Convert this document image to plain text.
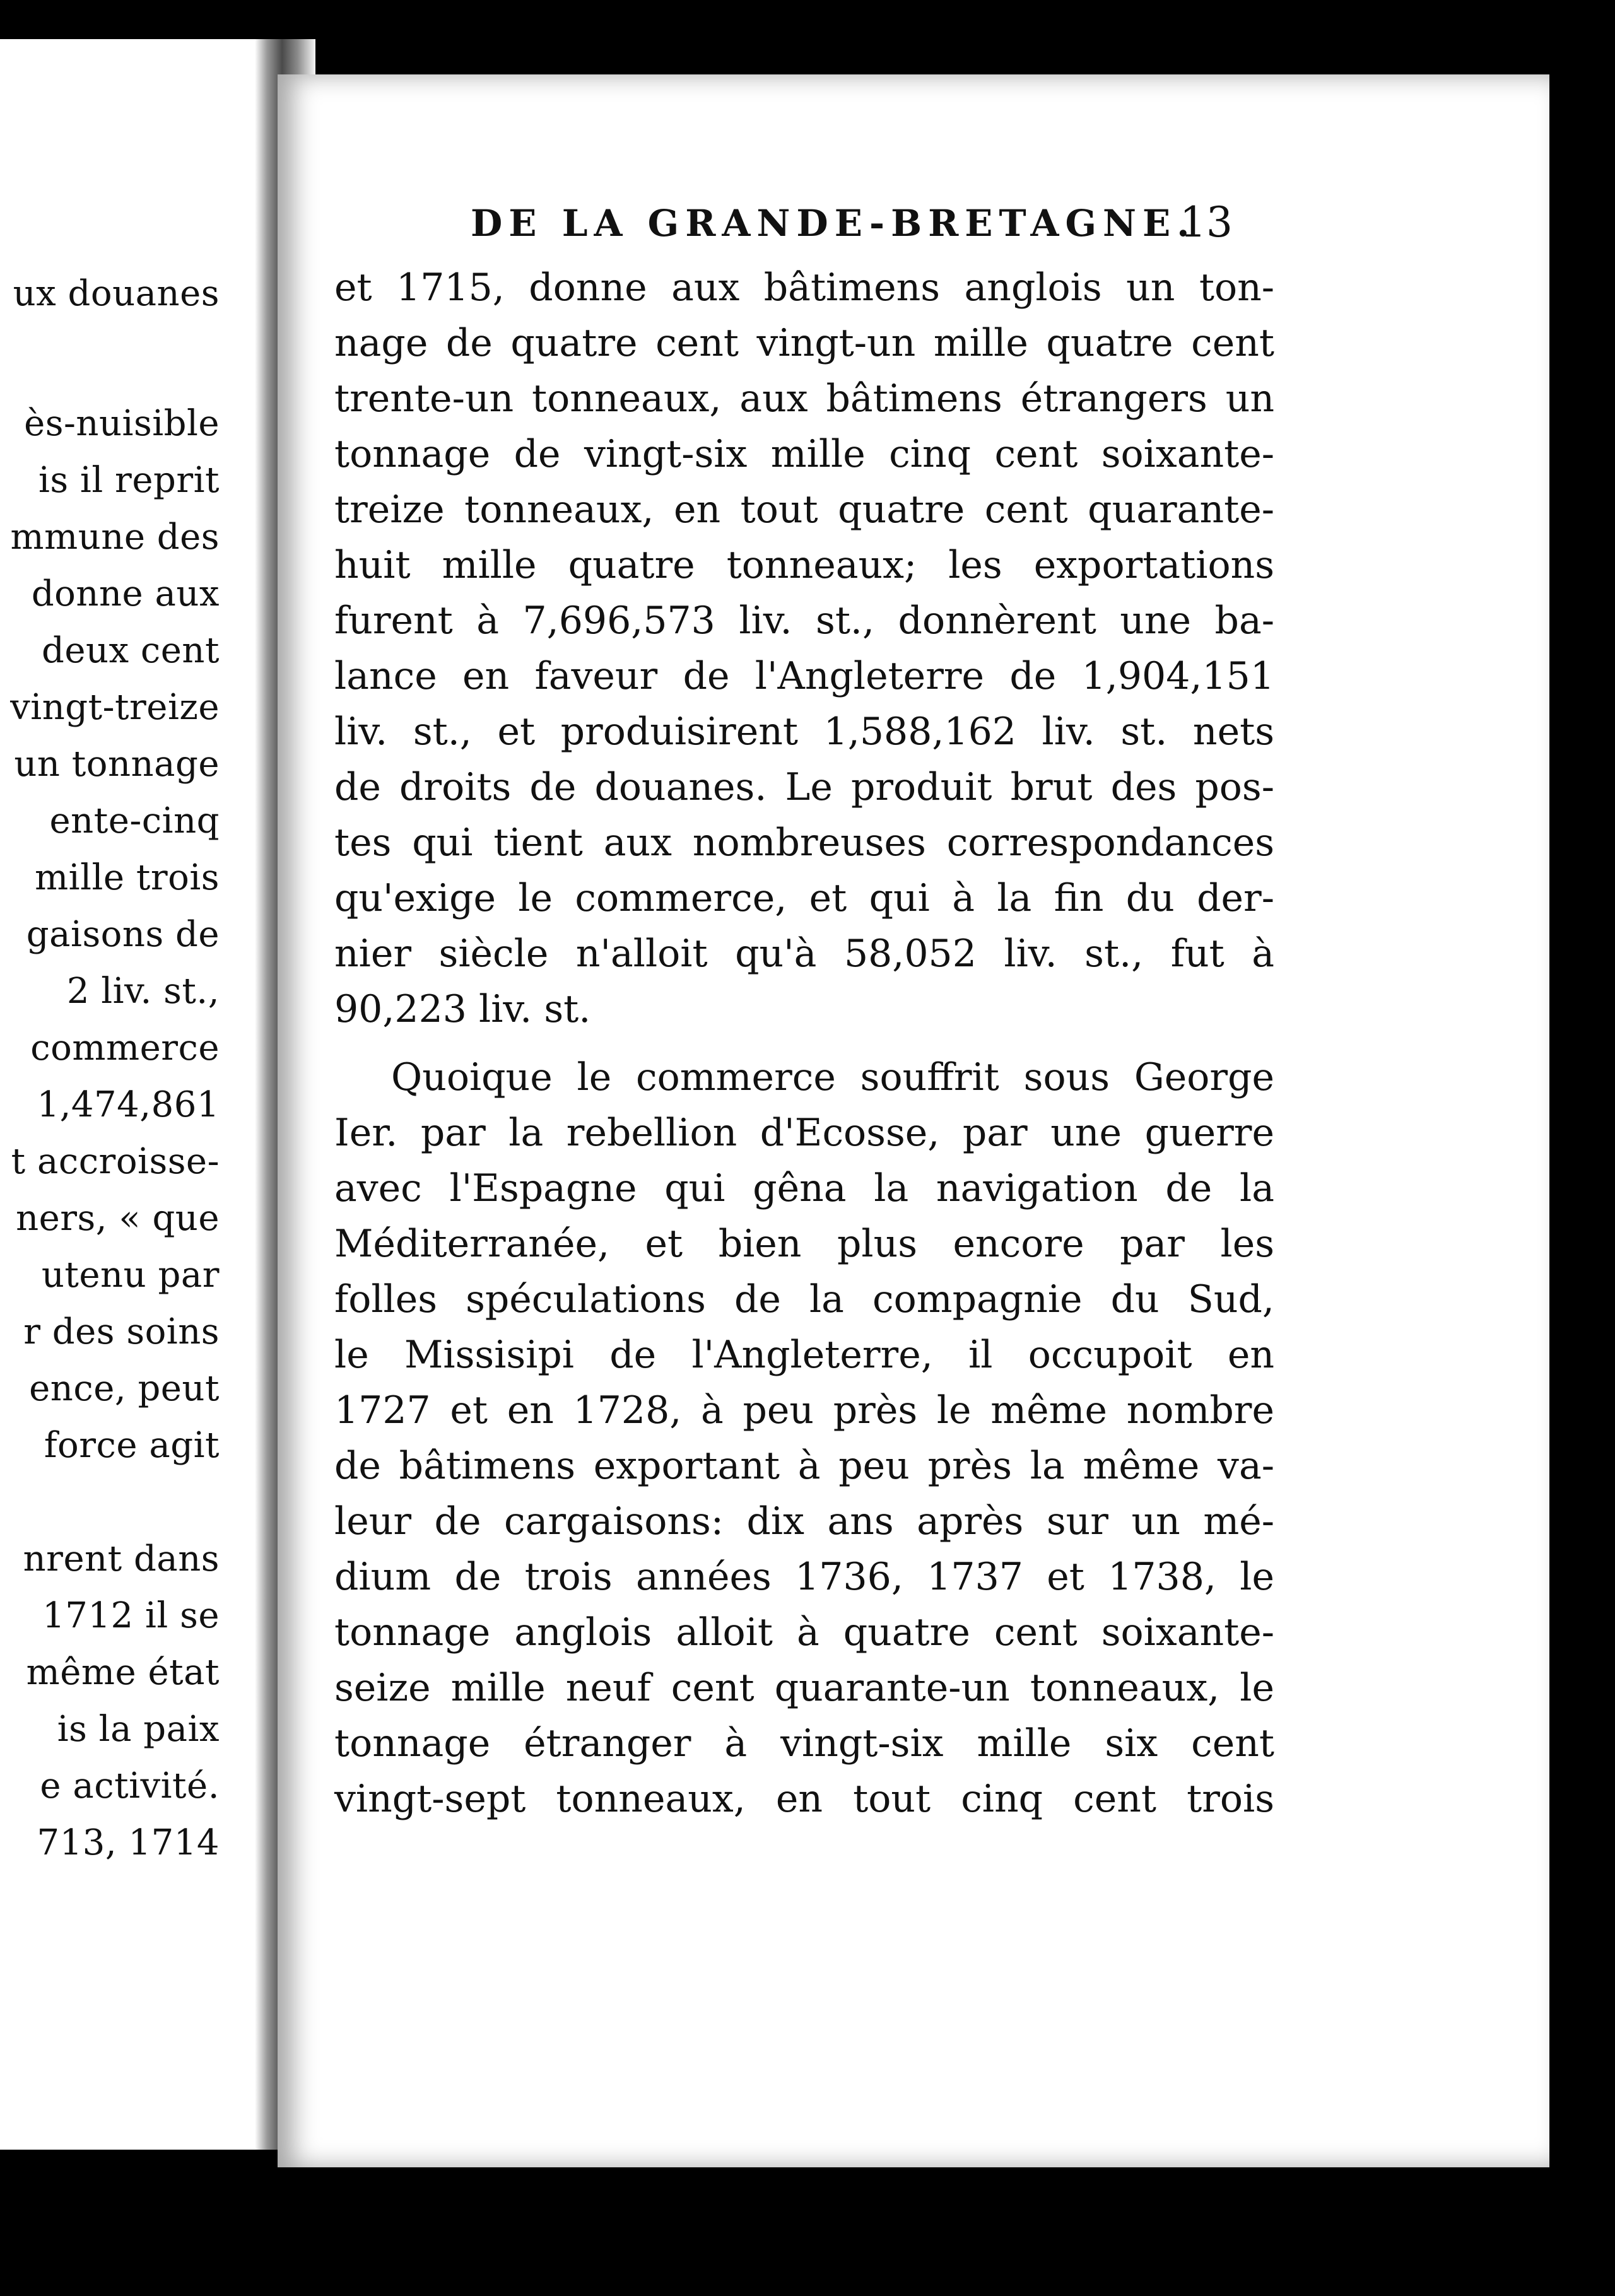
ux douanes
ès-nuisible
is il reprit
mmune des
donne aux
deux cent
vingt-treize
un tonnage
ente-cinq
mille trois
gaisons de
2 liv. st.,
commerce
1,474,861
t accroisse-
ners, « que
utenu par
r des soins
ence, peut
force agit
nrent dans
1712 il se
même état
is la paix
e activité.
713, 1714
DE LA GRANDE-BRETAGNE.
13
et 1715, donne aux bâtimens anglois un ton-
nage de quatre cent vingt-un mille quatre cent
trente-un tonneaux, aux bâtimens étrangers un
tonnage de vingt-six mille cinq cent soixante-
treize tonneaux, en tout quatre cent quarante-
huit mille quatre tonneaux; les exportations
furent à 7,696,573 liv. st., donnèrent une ba-
lance en faveur de l'Angleterre de 1,904,151
liv. st., et produisirent 1,588,162 liv. st. nets
de droits de douanes. Le produit brut des pos-
tes qui tient aux nombreuses correspondances
qu'exige le commerce, et qui à la fin du der-
nier siècle n'alloit qu'à 58,052 liv. st., fut à
90,223 liv. st.
Quoique le commerce souffrit sous George
Ier. par la rebellion d'Ecosse, par une guerre
avec l'Espagne qui gêna la navigation de la
Méditerranée, et bien plus encore par les
folles spéculations de la compagnie du Sud,
le Missisipi de l'Angleterre, il occupoit en
1727 et en 1728, à peu près le même nombre
de bâtimens exportant à peu près la même va-
leur de cargaisons: dix ans après sur un mé-
dium de trois années 1736, 1737 et 1738, le
tonnage anglois alloit à quatre cent soixante-
seize mille neuf cent quarante-un tonneaux, le
tonnage étranger à vingt-six mille six cent
vingt-sept tonneaux, en tout cinq cent trois
